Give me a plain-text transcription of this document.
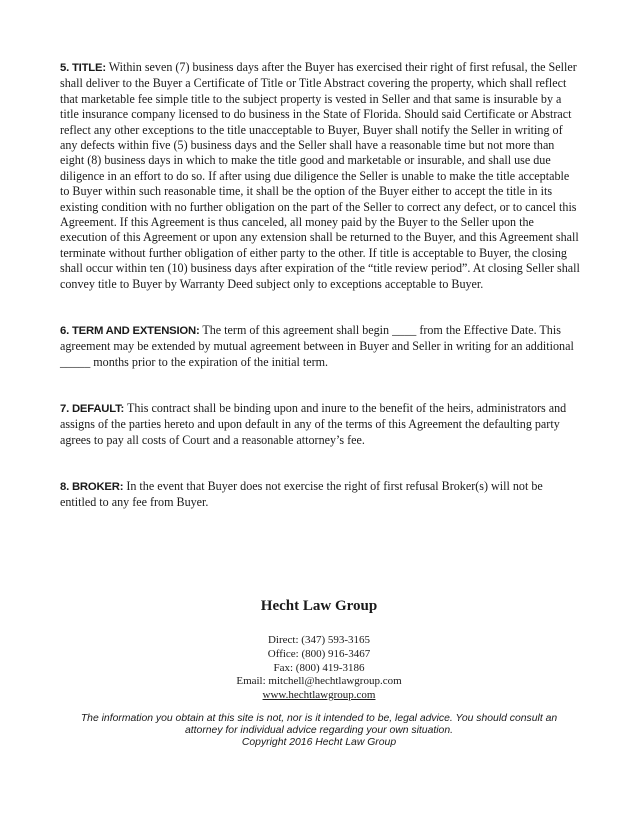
5. TITLE: Within seven (7) business days after the Buyer has exercised their right of first refusal, the Seller shall deliver to the Buyer a Certificate of Title or Title Abstract covering the property, which shall reflect that marketable fee simple title to the subject property is vested in Seller and that same is insurable by a title insurance company licensed to do business in the State of Florida. Should said Certificate or Abstract reflect any other exceptions to the title unacceptable to Buyer, Buyer shall notify the Seller in writing of any defects within five (5) business days and the Seller shall have a reasonable time but not more than eight (8) business days in which to make the title good and marketable or insurable, and shall use due diligence in an effort to do so. If after using due diligence the Seller is unable to make the title acceptable to Buyer within such reasonable time, it shall be the option of the Buyer either to accept the title in its existing condition with no further obligation on the part of the Seller to correct any defect, or to cancel this Agreement. If this Agreement is thus canceled, all money paid by the Buyer to the Seller upon the execution of this Agreement or upon any extension shall be returned to the Buyer, and this Agreement shall terminate without further obligation of either party to the other. If title is acceptable to Buyer, the closing shall occur within ten (10) business days after expiration of the “title review period”. At closing Seller shall convey title to Buyer by Warranty Deed subject only to exceptions acceptable to Buyer.

6. TERM AND EXTENSION: The term of this agreement shall begin ____ from the Effective Date. This agreement may be extended by mutual agreement between in Buyer and Seller in writing for an additional _____ months prior to the expiration of the initial term.

7. DEFAULT: This contract shall be binding upon and inure to the benefit of the heirs, administrators and assigns of the parties hereto and upon default in any of the terms of this Agreement the defaulting party agrees to pay all costs of Court and a reasonable attorney’s fee.

8. BROKER: In the event that Buyer does not exercise the right of first refusal Broker(s) will not be entitled to any fee from Buyer.

Hecht Law Group
Direct: (347) 593-3165
Office: (800) 916-3467
Fax: (800) 419-3186
Email: mitchell@hechtlawgroup.com
www.hechtlawgroup.com
The information you obtain at this site is not, nor is it intended to be, legal advice. You should consult an
attorney for individual advice regarding your own situation.
Copyright 2016 Hecht Law Group
